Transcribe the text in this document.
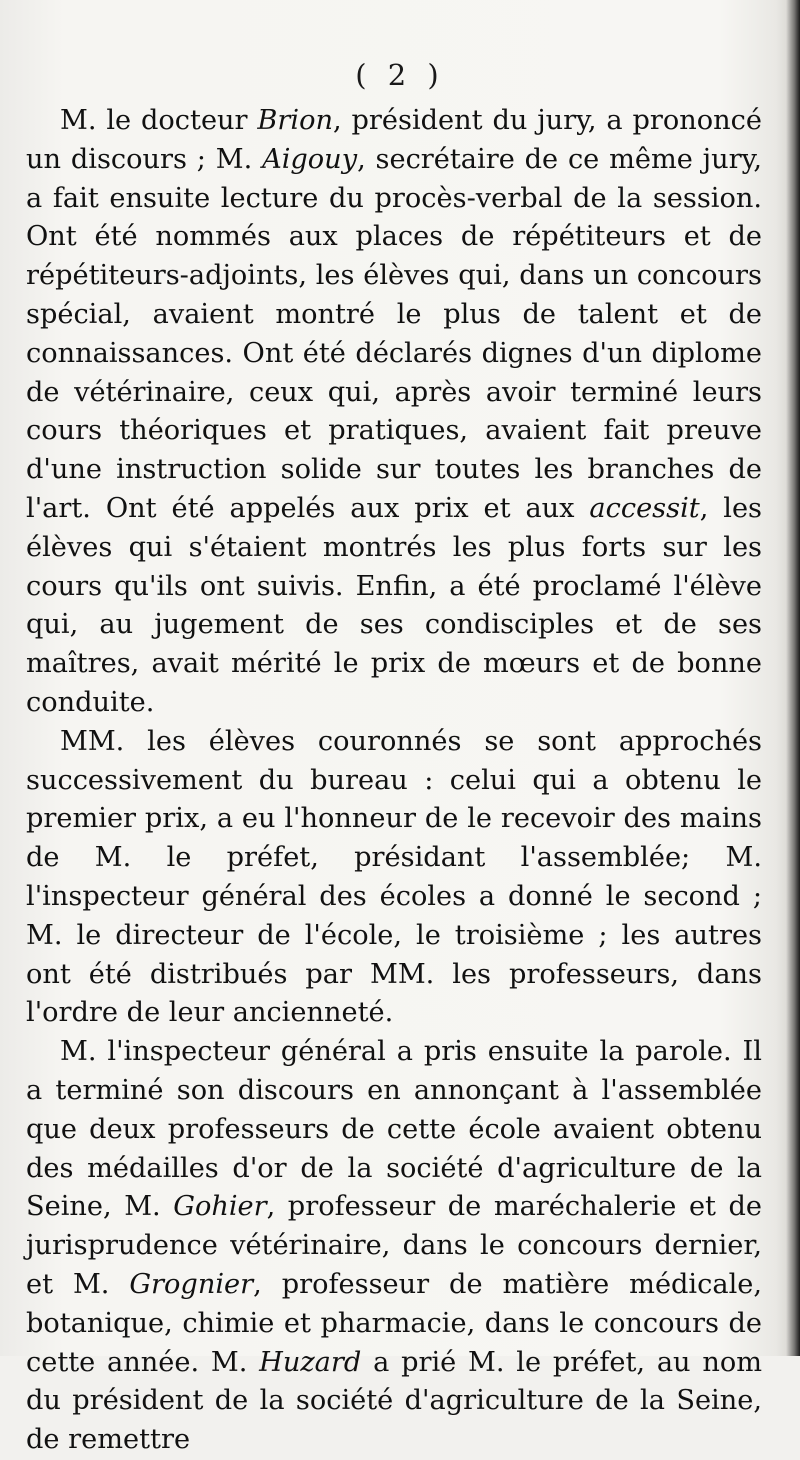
( 2 )

M. le docteur Brion, président du jury, a prononcé un discours ; M. Aigouy, secrétaire de ce même jury, a fait ensuite lecture du procès-verbal de la session. Ont été nommés aux places de répétiteurs et de répétiteurs-adjoints, les élèves qui, dans un concours spécial, avaient montré le plus de talent et de connaissances. Ont été déclarés dignes d'un diplome de vétérinaire, ceux qui, après avoir terminé leurs cours théoriques et pratiques, avaient fait preuve d'une instruction solide sur toutes les branches de l'art. Ont été appelés aux prix et aux accessit, les élèves qui s'étaient montrés les plus forts sur les cours qu'ils ont suivis. Enfin, a été proclamé l'élève qui, au jugement de ses condisciples et de ses maîtres, avait mérité le prix de mœurs et de bonne conduite.

MM. les élèves couronnés se sont approchés successivement du bureau : celui qui a obtenu le premier prix, a eu l'honneur de le recevoir des mains de M. le préfet, présidant l'assemblée; M. l'inspecteur général des écoles a donné le second ; M. le directeur de l'école, le troisième ; les autres ont été distribués par MM. les professeurs, dans l'ordre de leur ancienneté.

M. l'inspecteur général a pris ensuite la parole. Il a terminé son discours en annonçant à l'assemblée que deux professeurs de cette école avaient obtenu des médailles d'or de la société d'agriculture de la Seine, M. Gohier, professeur de maréchalerie et de jurisprudence vétérinaire, dans le concours dernier, et M. Grognier, professeur de matière médicale, botanique, chimie et pharmacie, dans le concours de cette année. M. Huzard a prié M. le préfet, au nom du président de la société d'agriculture de la Seine, de remettre
